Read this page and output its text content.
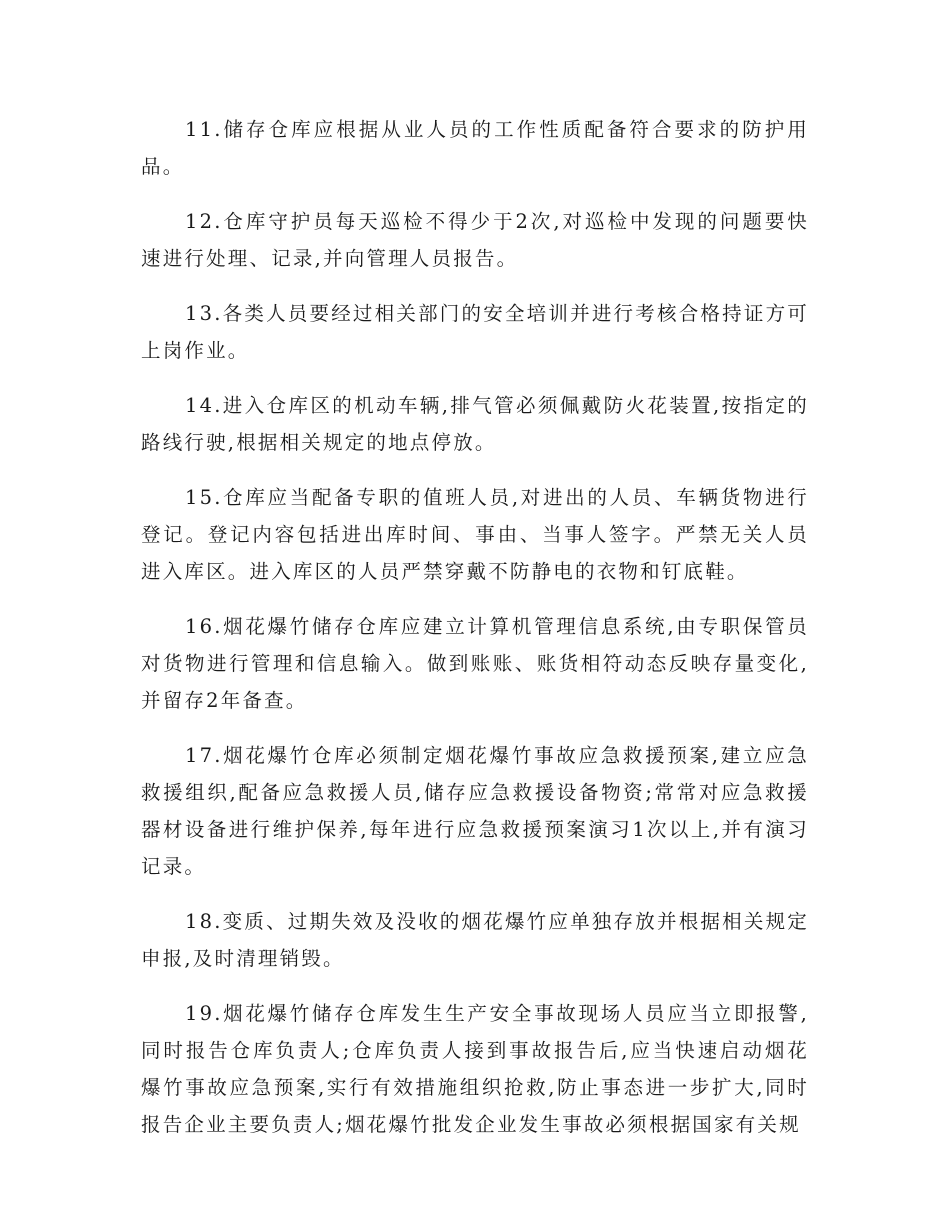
11.储存仓库应根据从业人员的工作性质配备符合要求的防护用品。

12.仓库守护员每天巡检不得少于2次,对巡检中发现的问题要快速进行处理、记录,并向管理人员报告。

13.各类人员要经过相关部门的安全培训并进行考核合格持证方可上岗作业。

14.进入仓库区的机动车辆,排气管必须佩戴防火花装置,按指定的路线行驶,根据相关规定的地点停放。

15.仓库应当配备专职的值班人员,对进出的人员、车辆货物进行登记。登记内容包括进出库时间、事由、当事人签字。严禁无关人员进入库区。进入库区的人员严禁穿戴不防静电的衣物和钉底鞋。

16.烟花爆竹储存仓库应建立计算机管理信息系统,由专职保管员对货物进行管理和信息输入。做到账账、账货相符动态反映存量变化,并留存2年备查。

17.烟花爆竹仓库必须制定烟花爆竹事故应急救援预案,建立应急救援组织,配备应急救援人员,储存应急救援设备物资;常常对应急救援器材设备进行维护保养,每年进行应急救援预案演习1次以上,并有演习记录。

18.变质、过期失效及没收的烟花爆竹应单独存放并根据相关规定申报,及时清理销毁。

19.烟花爆竹储存仓库发生生产安全事故现场人员应当立即报警,同时报告仓库负责人;仓库负责人接到事故报告后,应当快速启动烟花爆竹事故应急预案,实行有效措施组织抢救,防止事态进一步扩大,同时报告企业主要负责人;烟花爆竹批发企业发生事故必须根据国家有关规
